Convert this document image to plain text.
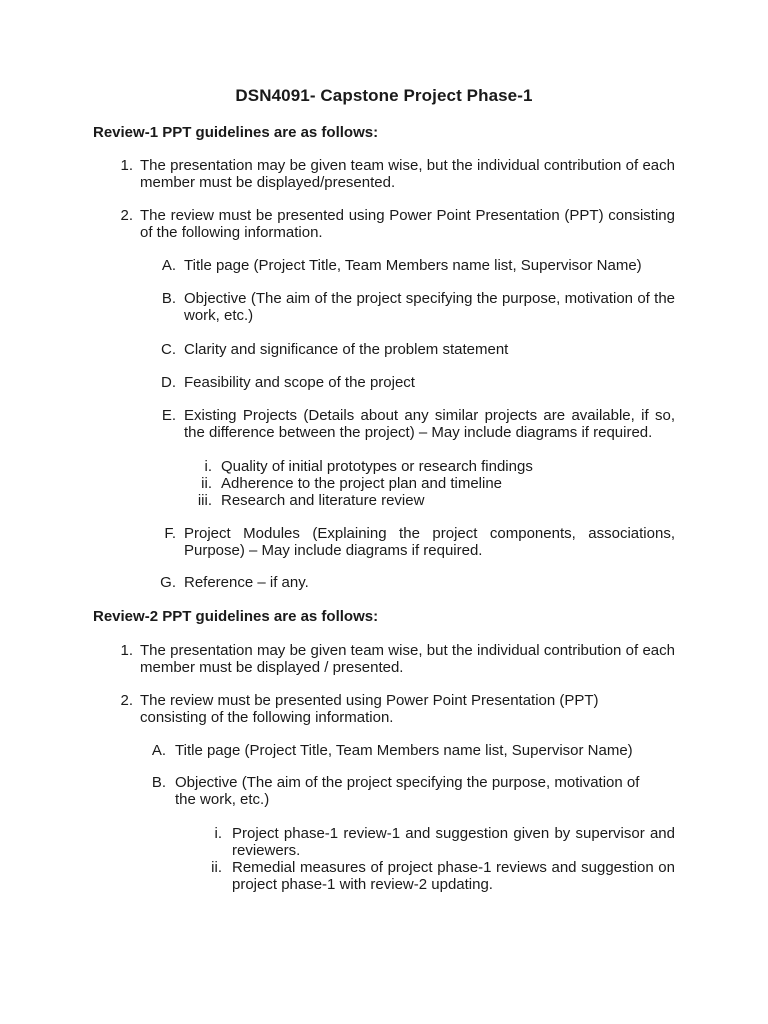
DSN4091- Capstone Project Phase-1
Review-1 PPT guidelines are as follows:
1. The presentation may be given team wise, but the individual contribution of each member must be displayed/presented.
2. The review must be presented using Power Point Presentation (PPT) consisting of the following information.
A. Title page (Project Title, Team Members name list, Supervisor Name)
B. Objective (The aim of the project specifying the purpose, motivation of the work, etc.)
C. Clarity and significance of the problem statement
D. Feasibility and scope of the project
E. Existing Projects (Details about any similar projects are available, if so, the difference between the project) – May include diagrams if required.
i. Quality of initial prototypes or research findings
ii. Adherence to the project plan and timeline
iii. Research and literature review
F. Project Modules (Explaining the project components, associations, Purpose) – May include diagrams if required.
G. Reference – if any.
Review-2 PPT guidelines are as follows:
1. The presentation may be given team wise, but the individual contribution of each member must be displayed / presented.
2. The review must be presented using Power Point Presentation (PPT) consisting of the following information.
A. Title page (Project Title, Team Members name list, Supervisor Name)
B. Objective (The aim of the project specifying the purpose, motivation of the work, etc.)
i. Project phase-1 review-1 and suggestion given by supervisor and reviewers.
ii. Remedial measures of project phase-1 reviews and suggestion on project phase-1 with review-2 updating.
